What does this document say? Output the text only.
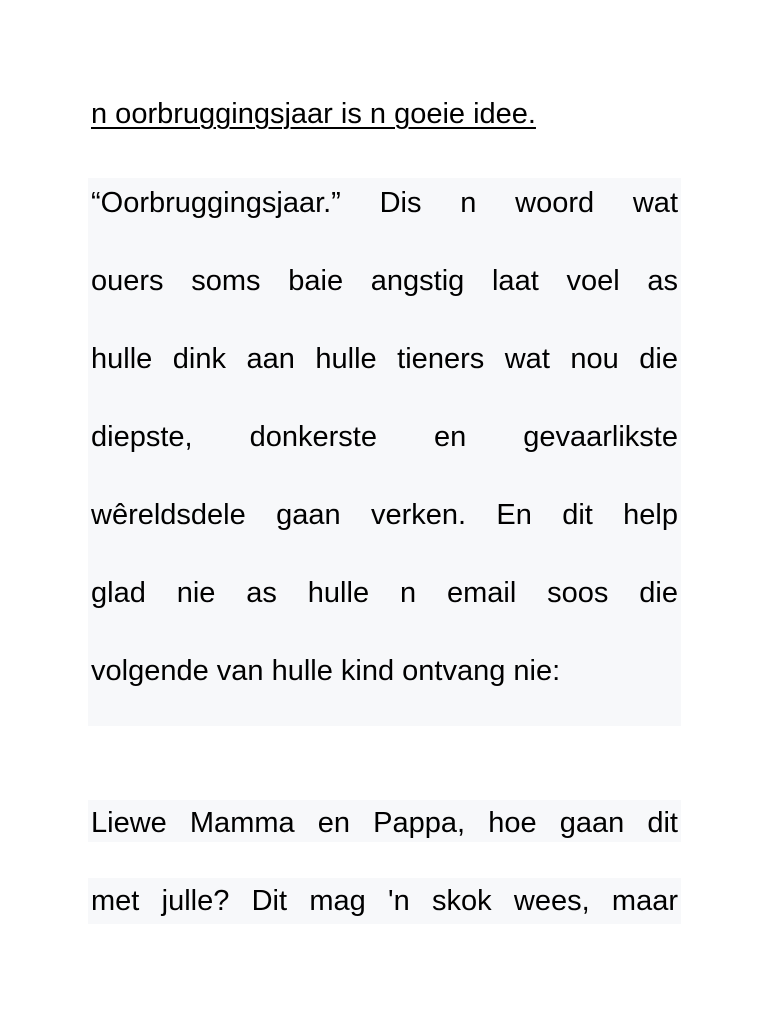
n oorbruggingsjaar is n goeie idee.
“Oorbruggingsjaar.” Dis n woord wat
ouers soms baie angstig laat voel as
hulle dink aan hulle tieners wat nou die
diepste, donkerste en gevaarlikste
wêreldsdele gaan verken. En dit help
glad nie as hulle n email soos die
volgende van hulle kind ontvang nie:
Liewe Mamma en Pappa, hoe gaan dit
met julle? Dit mag 'n skok wees, maar
